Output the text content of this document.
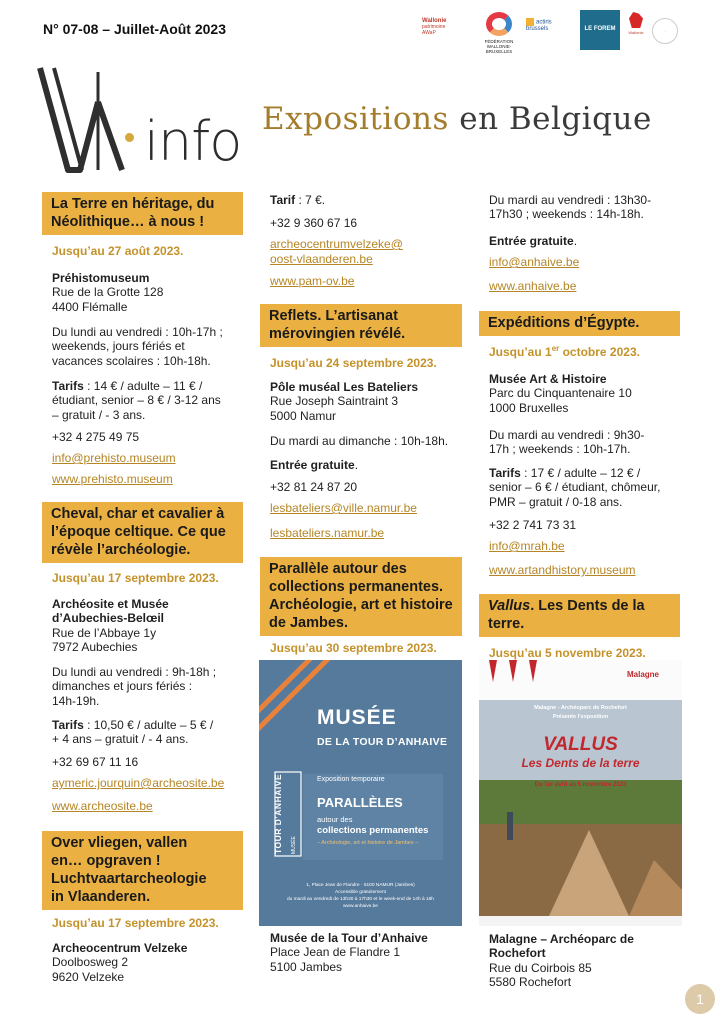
N° 07-08 – Juillet-Août 2023	Wallonie
patrimoine
AWaP
FÉDÉRATION WALLONIE-BRUXELLES
actiris
brussels	LE FOREM
Wallonie	·
info Expositions en Belgique
La Terre en héritage, du
Néolithique… à nous !
Jusqu’au 27 août 2023.
Préhistomuseum
Rue de la Grotte 128
4400 Flémalle
Du lundi au vendredi : 10h-17h ;
weekends, jours fériés et
vacances scolaires : 10h-18h.
Tarifs : 14 € / adulte – 11 € /
étudiant, senior – 8 € / 3-12 ans
– gratuit / - 3 ans.
+32 4 275 49 75
info@prehisto.museum
www.prehisto.museum
Cheval, char et cavalier à
l’époque celtique. Ce que
révèle l’archéologie.
Jusqu’au 17 septembre 2023.
Archéosite et Musée
d’Aubechies-Belœil
Rue de l’Abbaye 1y
7972 Aubechies
Du lundi au vendredi : 9h-18h ;
dimanches et jours fériés :
14h-19h.
Tarifs : 10,50 € / adulte – 5 € /
+ 4 ans – gratuit / - 4 ans.
+32 69 67 11 16
aymeric.jourquin@archeosite.be
www.archeosite.be
Over vliegen, vallen
en… opgraven !
Luchtvaartarcheologie
in Vlaanderen.
Jusqu’au 17 septembre 2023.
Archeocentrum Velzeke
Doolbosweg 2
9620 Velzeke
Tarif : 7 €.
+32 9 360 67 16
archeocentrumvelzeke@
oost-vlaanderen.be
www.pam-ov.be
Reflets. L’artisanat
mérovingien révélé.
Jusqu’au 24 septembre 2023.
Pôle muséal Les Bateliers
Rue Joseph Saintraint 3
5000 Namur
Du mardi au dimanche : 10h-18h.
Entrée gratuite.
+32 81 24 87 20
lesbateliers@ville.namur.be
lesbateliers.namur.be
Parallèle autour des
collections permanentes.
Archéologie, art et histoire
de Jambes.
Jusqu’au 30 septembre 2023.
MUSÉE
DE LA TOUR D’ANHAIVE
TOUR D’ANHAIVE MUSÉE
Exposition temporaire
PARALLÈLES
autour des
collections permanentes
– Archéologie, art et histoire de Jambes –
1, Place Jean de Flandre · 5100 NAMUR (Jambes)
Accessible gratuitement
du mardi au vendredi de 13h30 à 17h30 et le week-end de 14h à 18h
www.anhaive.be
Musée de la Tour d’Anhaive
Place Jean de Flandre 1
5100 Jambes
Du mardi au vendredi : 13h30-
17h30 ; weekends : 14h-18h.
Entrée gratuite.
info@anhaive.be
www.anhaive.be
Expéditions d’Égypte.
Jusqu’au 1er octobre 2023.
Musée Art & Histoire
Parc du Cinquantenaire 10
1000 Bruxelles
Du mardi au vendredi : 9h30-
17h ; weekends : 10h-17h.
Tarifs : 17 € / adulte – 12 € /
senior – 6 € / étudiant, chômeur,
PMR – gratuit / 0-18 ans.
+32 2 741 73 31
info@mrah.be
www.artandhistory.museum
Vallus. Les Dents de la
terre.
Jusqu’au 5 novembre 2023.
Malagne
Malagne - Archéoparc de Rochefort
Présente l’exposition
VALLUS
Les Dents de la terre
Du 1er avril au 5 novembre 2023
Malagne – Archéoparc de
Rochefort
Rue du Coirbois 85
5580 Rochefort
1
